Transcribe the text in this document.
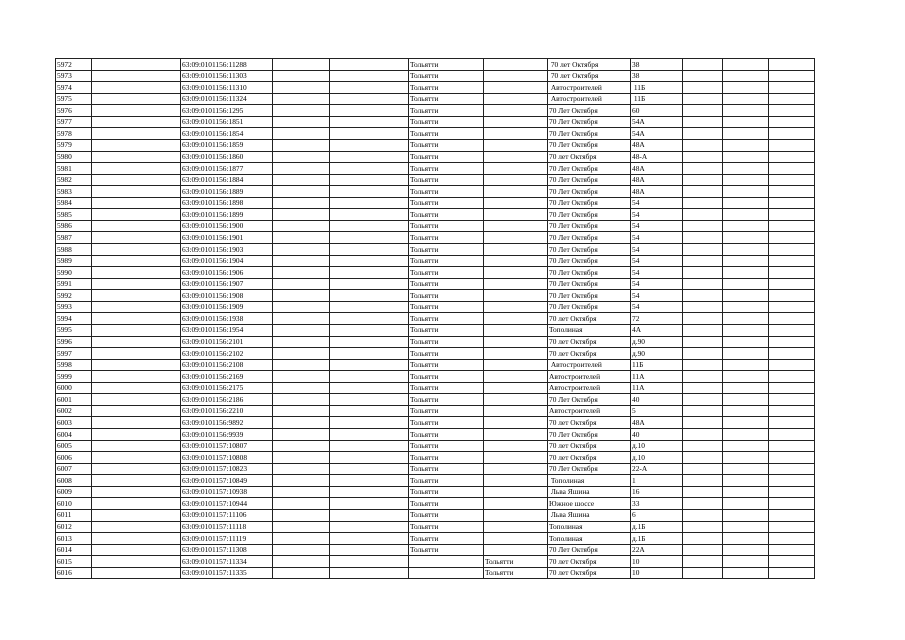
5972		63:09:0101156:11288			Тольятти		70 лет Октября	38			
5973		63:09:0101156:11303			Тольятти		70 лет Октября	38			
5974		63:09:0101156:11310			Тольятти		Автостроителей	11Б			
5975		63:09:0101156:11324			Тольятти		Автостроителей	11Б			
5976		63:09:0101156:1295			Тольятти		70 Лет Октября	60			
5977		63:09:0101156:1851			Тольятти		70 Лет Октября	54А			
5978		63:09:0101156:1854			Тольятти		70 Лет Октября	54А			
5979		63:09:0101156:1859			Тольятти		70 Лет Октября	48А			
5980		63:09:0101156:1860			Тольятти		70 лет Октября	48-А			
5981		63:09:0101156:1877			Тольятти		70 Лет Октября	48А			
5982		63:09:0101156:1884			Тольятти		70 Лет Октября	48А			
5983		63:09:0101156:1889			Тольятти		70 Лет Октября	48А			
5984		63:09:0101156:1898			Тольятти		70 Лет Октября	54			
5985		63:09:0101156:1899			Тольятти		70 Лет Октября	54			
5986		63:09:0101156:1900			Тольятти		70 Лет Октября	54			
5987		63:09:0101156:1901			Тольятти		70 Лет Октября	54			
5988		63:09:0101156:1903			Тольятти		70 Лет Октября	54			
5989		63:09:0101156:1904			Тольятти		70 Лет Октября	54			
5990		63:09:0101156:1906			Тольятти		70 Лет Октября	54			
5991		63:09:0101156:1907			Тольятти		70 Лет Октября	54			
5992		63:09:0101156:1908			Тольятти		70 Лет Октября	54			
5993		63:09:0101156:1909			Тольятти		70 Лет Октября	54			
5994		63:09:0101156:1938			Тольятти		70 лет Октября	72			
5995		63:09:0101156:1954			Тольятти		Тополиная	4А			
5996		63:09:0101156:2101			Тольятти		70 лет Октября	д.90			
5997		63:09:0101156:2102			Тольятти		70 лет Октября	д.90			
5998		63:09:0101156:2108			Тольятти		Автостроителей	11Б			
5999		63:09:0101156:2169			Тольятти		Автостроителей	11А			
6000		63:09:0101156:2175			Тольятти		Автостроителей	11А			
6001		63:09:0101156:2186			Тольятти		70 Лет Октября	40			
6002		63:09:0101156:2210			Тольятти		Автостроителей	5			
6003		63:09:0101156:9892			Тольятти		70 лет Октября	48А			
6004		63:09:0101156:9939			Тольятти		70 Лет Октября	40			
6005		63:09:0101157:10807			Тольятти		70 лет Октября	д.10			
6006		63:09:0101157:10808			Тольятти		70 лет Октября	д.10			
6007		63:09:0101157:10823			Тольятти		70 Лет Октября	22-А			
6008		63:09:0101157:10849			Тольятти		Тополиная	1			
6009		63:09:0101157:10938			Тольятти		Льва Яшина	16			
6010		63:09:0101157:10944			Тольятти		Южное шоссе	33			
6011		63:09:0101157:11106			Тольятти		Льва Яшина	6			
6012		63:09:0101157:11118			Тольятти		Тополиная	д.1Б			
6013		63:09:0101157:11119			Тольятти		Тополиная	д.1Б			
6014		63:09:0101157:11308			Тольятти		70 Лет Октября	22А			
6015		63:09:0101157:11334				Тольятти	70 лет Октября	10			
6016		63:09:0101157:11335				Тольятти	70 лет Октября	10			
